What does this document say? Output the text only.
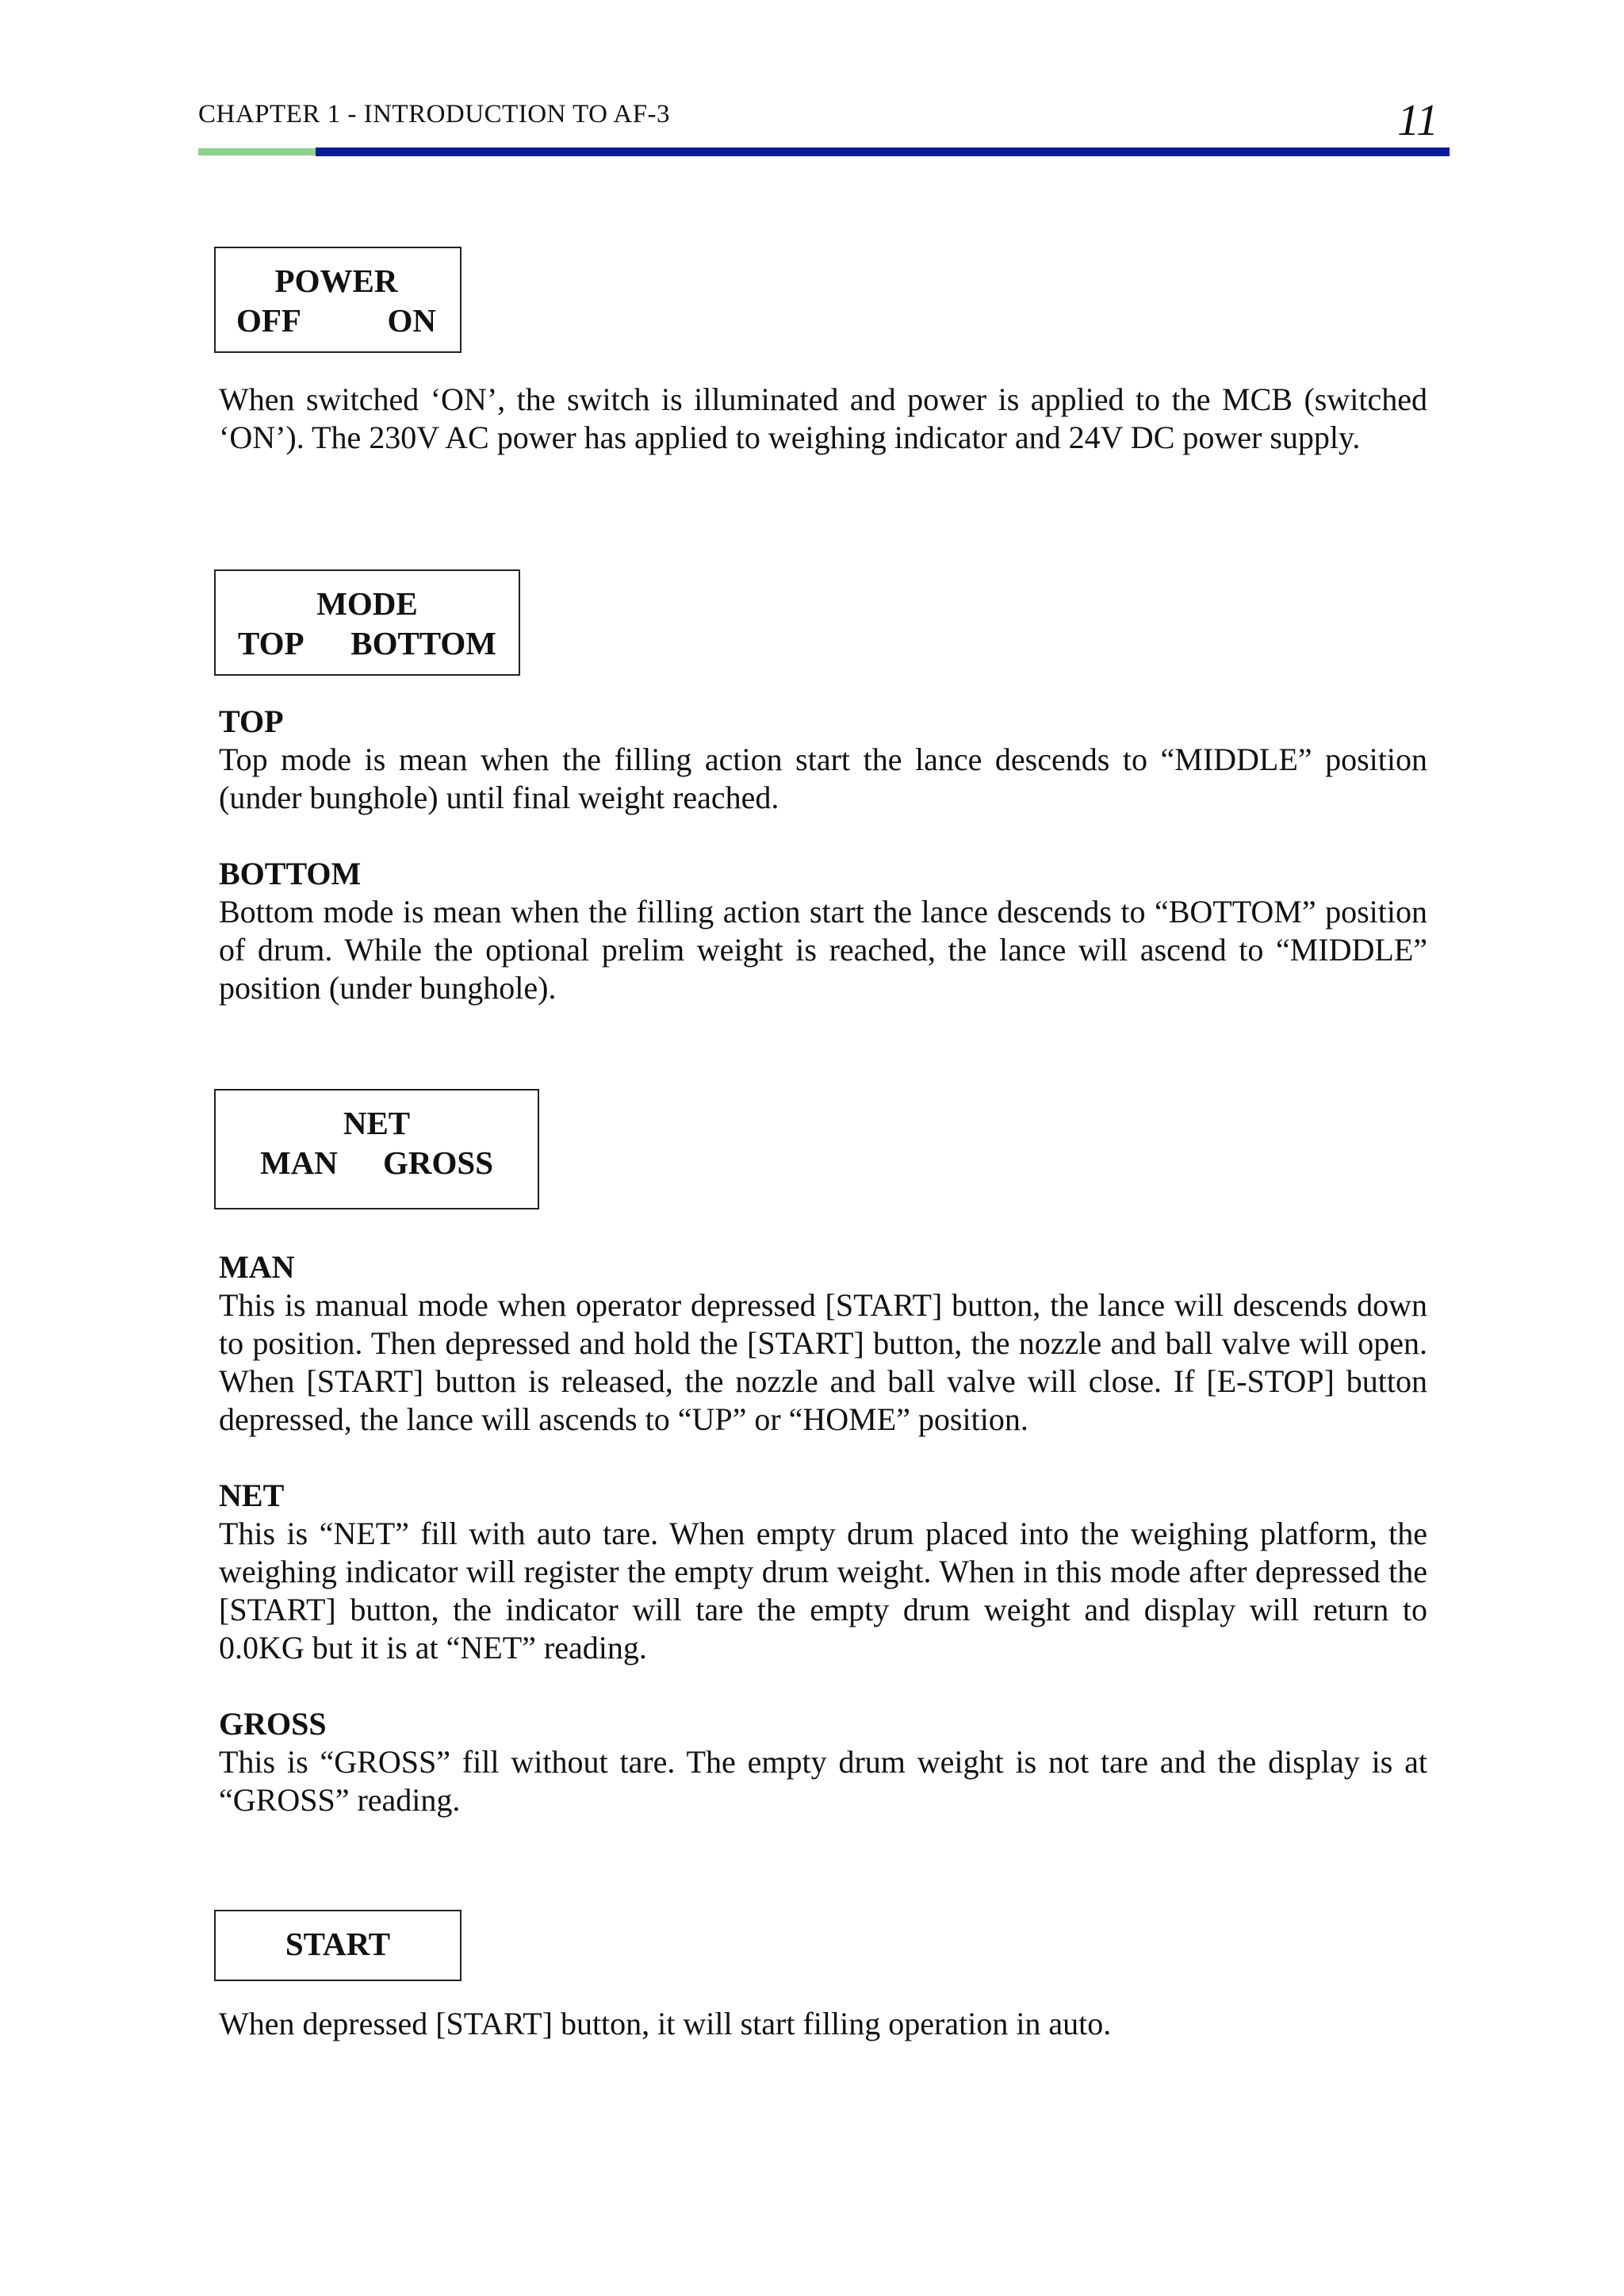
CHAPTER 1 - INTRODUCTION TO AF-3	11
POWER
OFF	ON
When switched ‘ON’, the switch is illuminated and power is applied to the MCB (switched ‘ON’). The 230V AC power has applied to weighing indicator and 24V DC power supply.
MODE
TOP BOTTOM
TOP
Top mode is mean when the filling action start the lance descends to “MIDDLE” position (under bunghole) until final weight reached.
BOTTOM
Bottom mode is mean when the filling action start the lance descends to “BOTTOM” position of drum. While the optional prelim weight is reached, the lance will ascend to “MIDDLE” position (under bunghole).
NET
MAN GROSS
MAN
This is manual mode when operator depressed [START] button, the lance will descends down to position. Then depressed and hold the [START] button, the nozzle and ball valve will open. When [START] button is released, the nozzle and ball valve will close. If [E-STOP] button depressed, the lance will ascends to “UP” or “HOME” position.
NET
This is “NET” fill with auto tare. When empty drum placed into the weighing platform, the weighing indicator will register the empty drum weight. When in this mode after depressed the [START] button, the indicator will tare the empty drum weight and display will return to 0.0KG but it is at “NET” reading.
GROSS
This is “GROSS” fill without tare. The empty drum weight is not tare and the display is at “GROSS” reading.
START
When depressed [START] button, it will start filling operation in auto.
